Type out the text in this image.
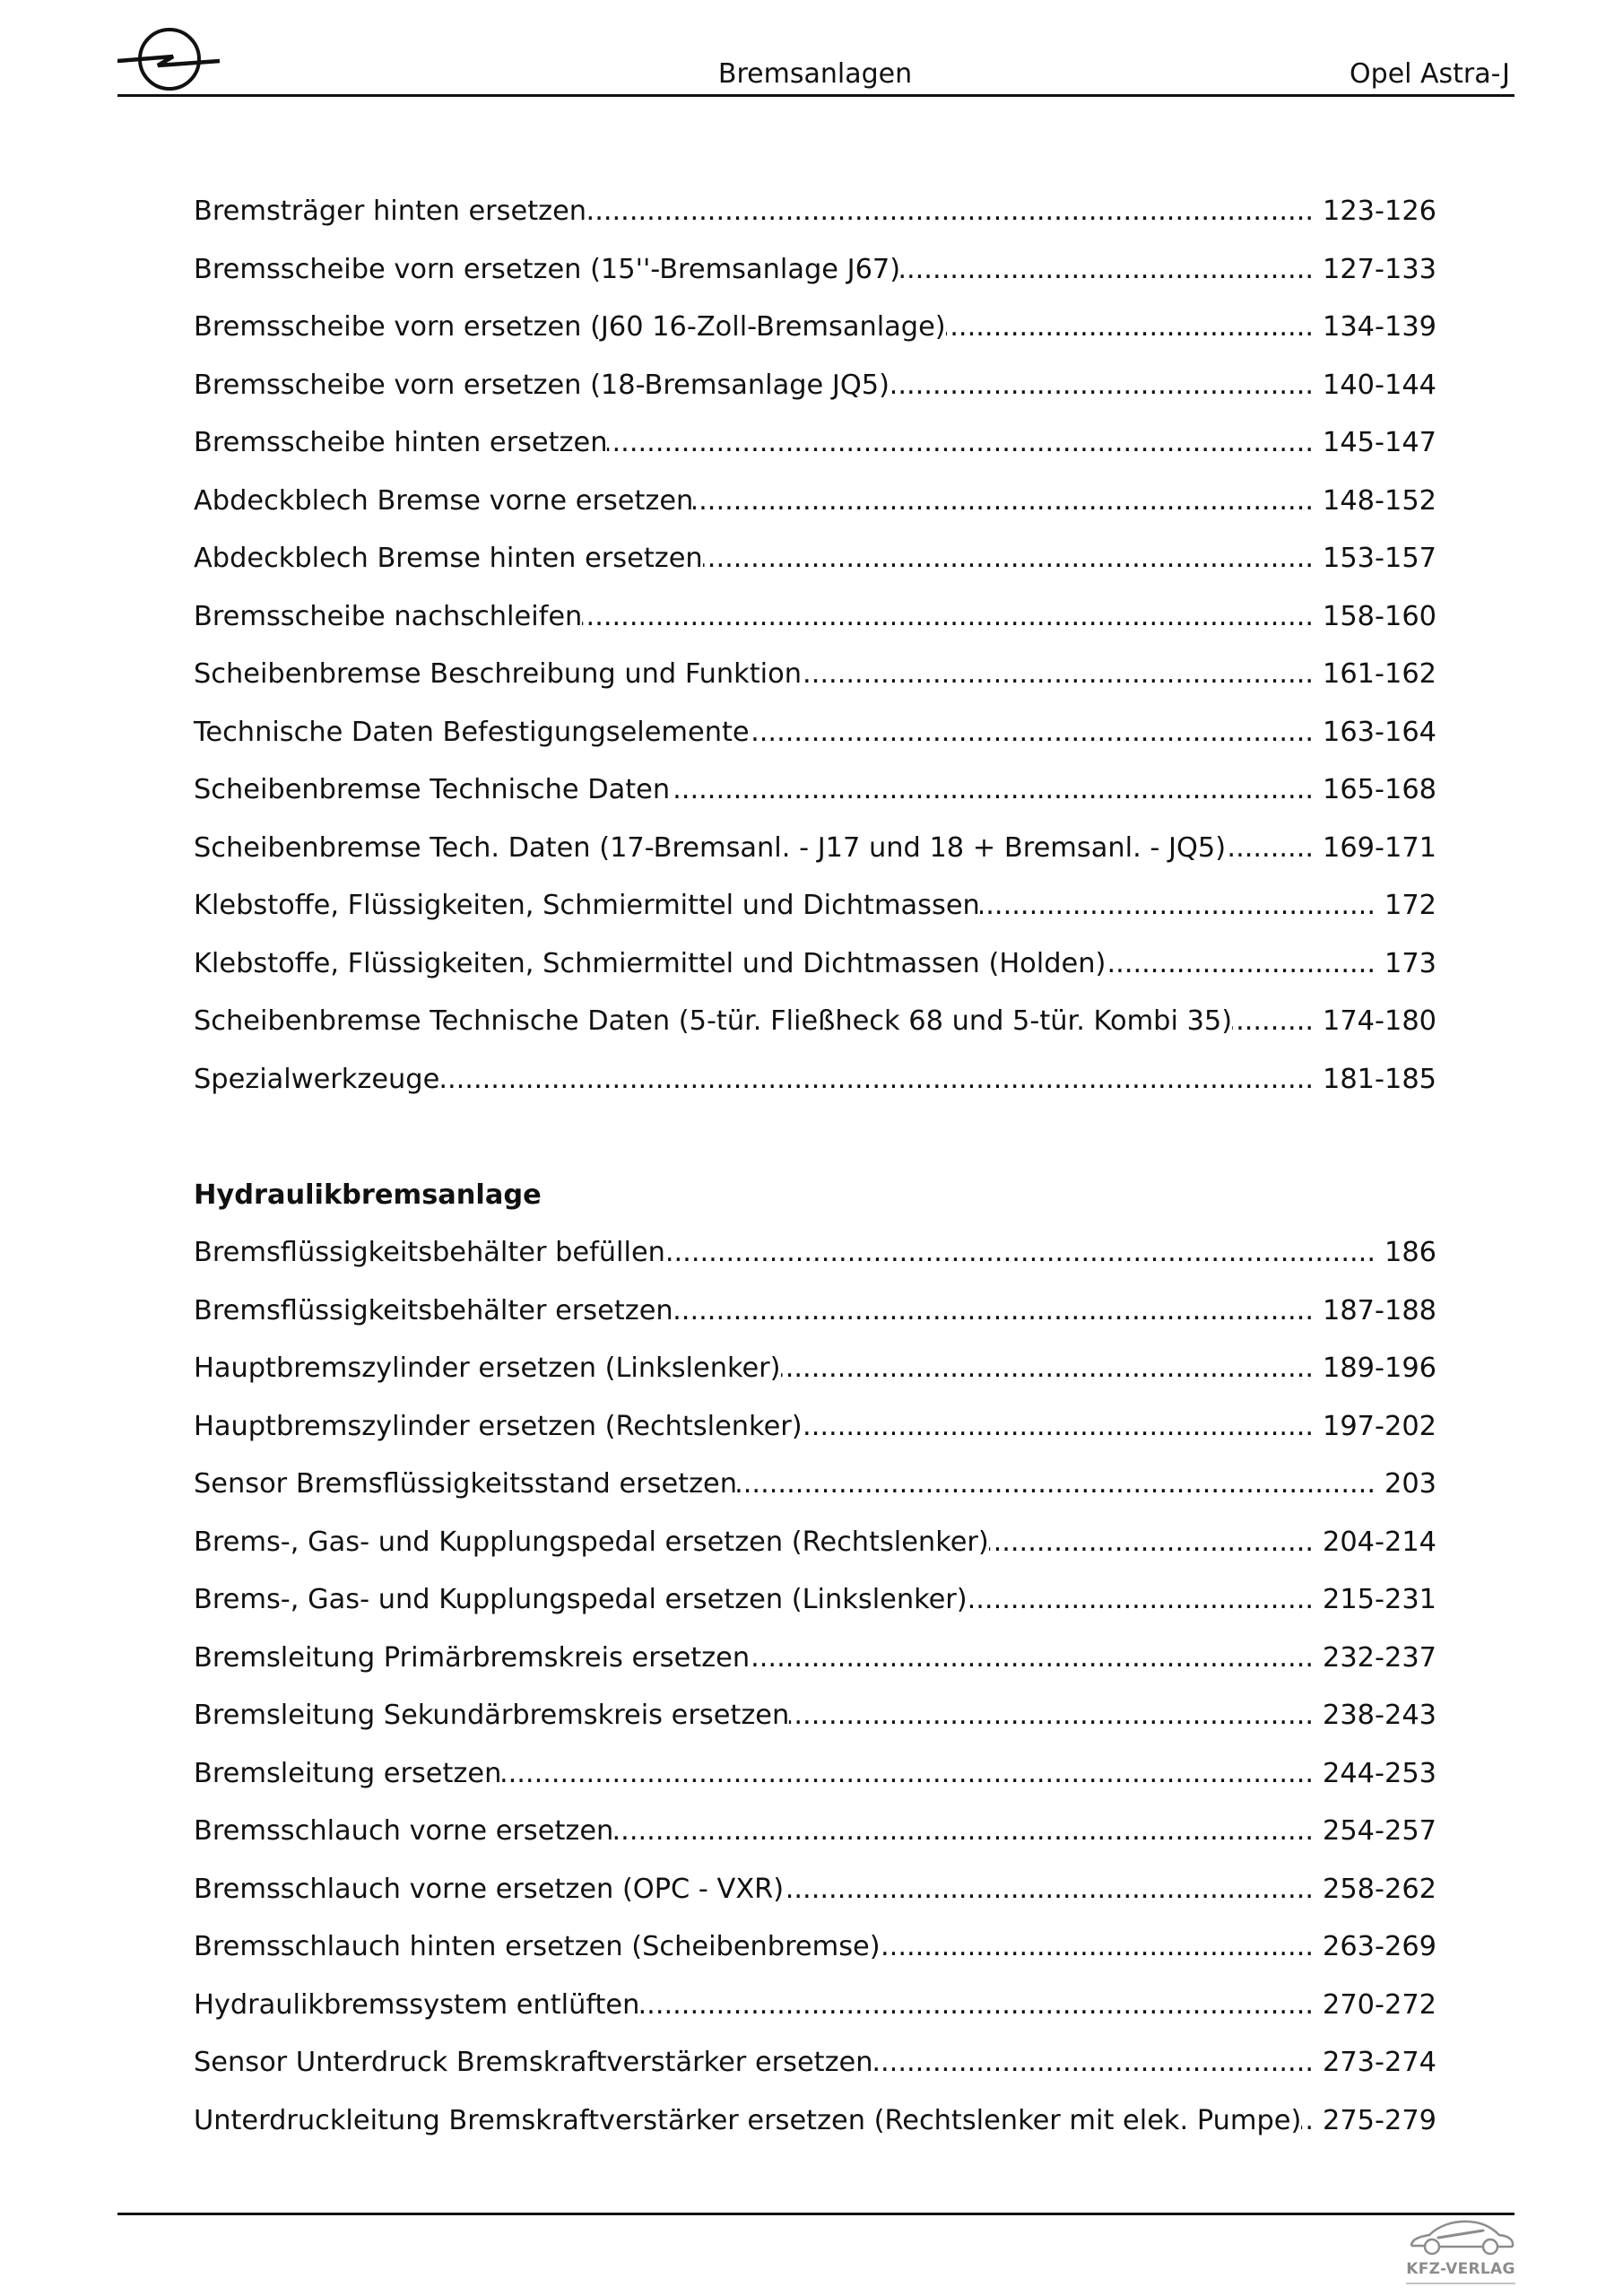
Bremsanlagen	Opel Astra-J
Bremsträger hinten ersetzen .....	123-126
Bremsscheibe vorn ersetzen (15''-Bremsanlage J67) .....	127-133
Bremsscheibe vorn ersetzen (J60 16-Zoll-Bremsanlage) .....	134-139
Bremsscheibe vorn ersetzen (18-Bremsanlage JQ5) .....	140-144
Bremsscheibe hinten ersetzen .....	145-147
Abdeckblech Bremse vorne ersetzen .....	148-152
Abdeckblech Bremse hinten ersetzen .....	153-157
Bremsscheibe nachschleifen .....	158-160
Scheibenbremse Beschreibung und Funktion .....	161-162
Technische Daten Befestigungselemente .....	163-164
Scheibenbremse Technische Daten .....	165-168
Scheibenbremse Tech. Daten (17-Bremsanl. - J17 und 18 + Bremsanl. - JQ5) .....	169-171
Klebstoffe, Flüssigkeiten, Schmiermittel und Dichtmassen .....	172
Klebstoffe, Flüssigkeiten, Schmiermittel und Dichtmassen (Holden) .....	173
Scheibenbremse Technische Daten (5-tür. Fließheck 68 und 5-tür. Kombi 35) .....	174-180
Spezialwerkzeuge .....	181-185
Hydraulikbremsanlage
Bremsflüssigkeitsbehälter befüllen .....	186
Bremsflüssigkeitsbehälter ersetzen .....	187-188
Hauptbremszylinder ersetzen (Linkslenker) .....	189-196
Hauptbremszylinder ersetzen (Rechtslenker) .....	197-202
Sensor Bremsflüssigkeitsstand ersetzen .....	203
Brems-, Gas- und Kupplungspedal ersetzen (Rechtslenker) .....	204-214
Brems-, Gas- und Kupplungspedal ersetzen (Linkslenker) .....	215-231
Bremsleitung Primärbremskreis ersetzen .....	232-237
Bremsleitung Sekundärbremskreis ersetzen .....	238-243
Bremsleitung ersetzen .....	244-253
Bremsschlauch vorne ersetzen .....	254-257
Bremsschlauch vorne ersetzen (OPC - VXR) .....	258-262
Bremsschlauch hinten ersetzen (Scheibenbremse) .....	263-269
Hydraulikbremssystem entlüften .....	270-272
Sensor Unterdruck Bremskraftverstärker ersetzen .....	273-274
Unterdruckleitung Bremskraftverstärker ersetzen (Rechtslenker mit elek. Pumpe) ..... 275-279
KFZ-VERLAG
